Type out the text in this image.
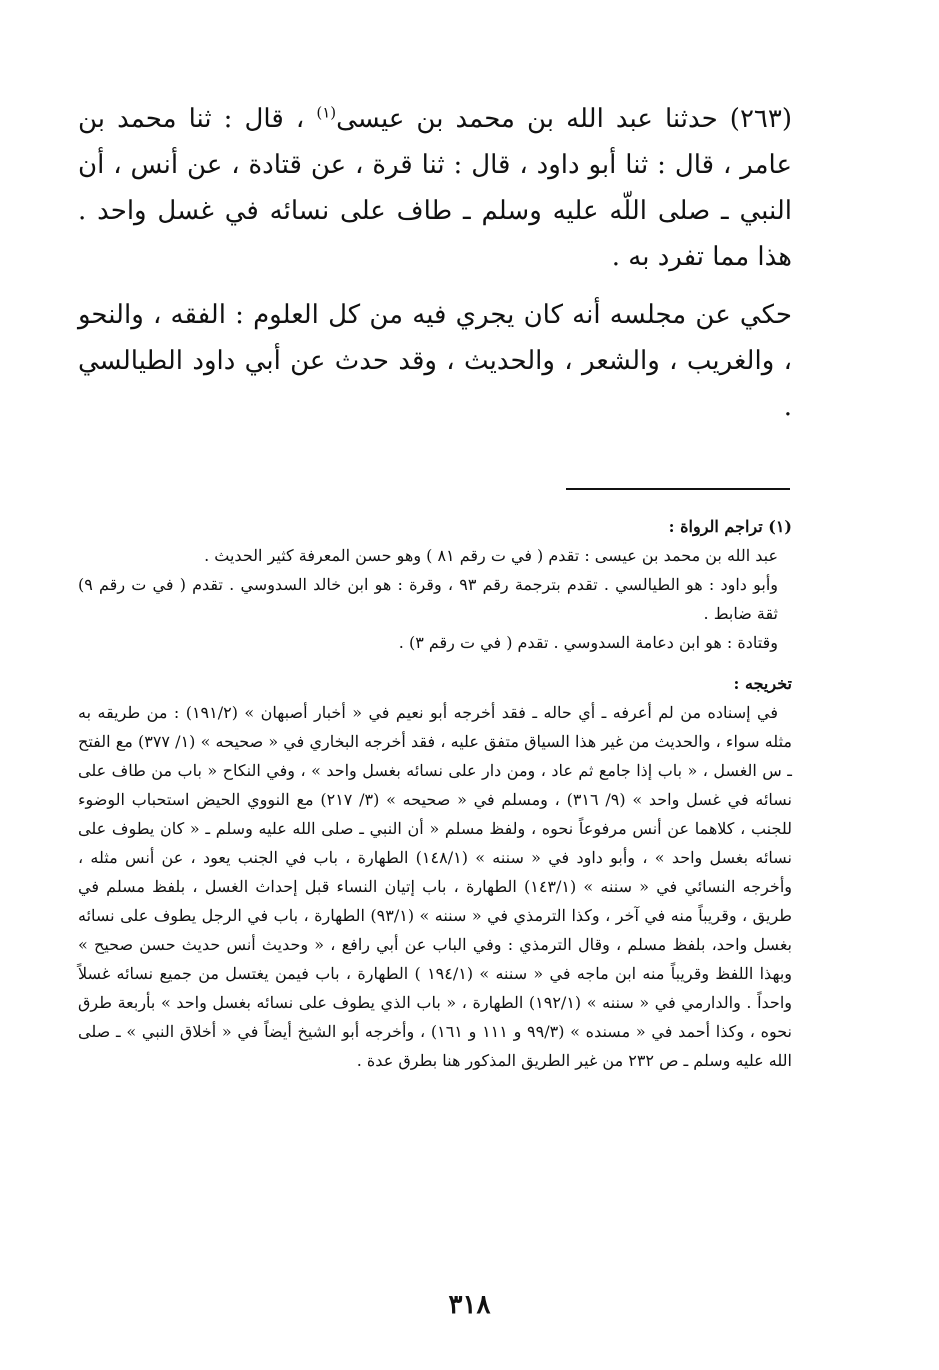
(٢٦٣) حدثنا عبد الله بن محمد بن عيسى$^{(١)}$ ، قال : ثنا محمد بن عامر ، قال : ثنا أبو داود ، قال : ثنا قرة ، عن قتادة ، عن أنس ، أن النبي ـ صلى اللّه عليه وسلم ـ طاف على نسائه في غسل واحد . هذا مما تفرد به .

حكي عن مجلسه أنه كان يجري فيه من كل العلوم : الفقه ، والنحو ، والغريب ، والشعر ، والحديث ، وقد حدث عن أبي داود الطيالسي .

(١) تراجم الرواة :

عبد الله بن محمد بن عيسى : تقدم ( في ت رقم ٨١ ) وهو حسن المعرفة كثير الحديث .

وأبو داود : هو الطيالسي . تقدم بترجمة رقم ٩٣ ، وقرة : هو ابن خالد السدوسي . تقدم ( في ت رقم ٩) ثقة ضابط .

وقتادة : هو ابن دعامة السدوسي . تقدم ( في ت رقم ٣) .

تخريجه :

في إسناده من لم أعرفه ـ أي حاله ـ فقد أخرجه أبو نعيم في « أخبار أصبهان » (١٩١/٢) : من طريقه به مثله سواء ، والحديث من غير هذا السياق متفق عليه ، فقد أخرجه البخاري في « صحيحه » (١/ ٣٧٧) مع الفتح ـ س الغسل ، « باب إذا جامع ثم عاد ، ومن دار على نسائه بغسل واحد » ، وفي النكاح « باب من طاف على نسائه في غسل واحد » (٩/ ٣١٦) ، ومسلم في « صحيحه » (٣/ ٢١٧) مع النووي الحيض استحباب الوضوء للجنب ، كلاهما عن أنس مرفوعاً نحوه ، ولفظ مسلم « أن النبي ـ صلى الله عليه وسلم ـ « كان يطوف على نسائه بغسل واحد » ، وأبو داود في « سننه » (١٤٨/١) الطهارة ، باب في الجنب يعود ، عن أنس مثله ، وأخرجه النسائي في « سننه » (١٤٣/١) الطهارة ، باب إتيان النساء قبل إحداث الغسل ، بلفظ مسلم في طريق ، وقريباً منه في آخر ، وكذا الترمذي في « سننه » (٩٣/١) الطهارة ، باب في الرجل يطوف على نسائه بغسل واحد، بلفظ مسلم ، وقال الترمذي : وفي الباب عن أبي رافع ، « وحديث أنس حديث حسن صحيح » وبهذا اللفظ وقريباً منه ابن ماجه في « سننه » (١٩٤/١ ) الطهارة ، باب فيمن يغتسل من جميع نسائه غسلاً واحداً . والدارمي في « سننه » (١٩٢/١) الطهارة ، « باب الذي يطوف على نسائه بغسل واحد » بأربعة طرق نحوه ، وكذا أحمد في « مسنده » (٩٩/٣ و ١١١ و ١٦١) ، وأخرجه أبو الشيخ أيضاً في « أخلاق النبي » ـ صلى الله عليه وسلم ـ ص ٢٣٢ من غير الطريق المذكور هنا بطرق عدة .

٣١٨
